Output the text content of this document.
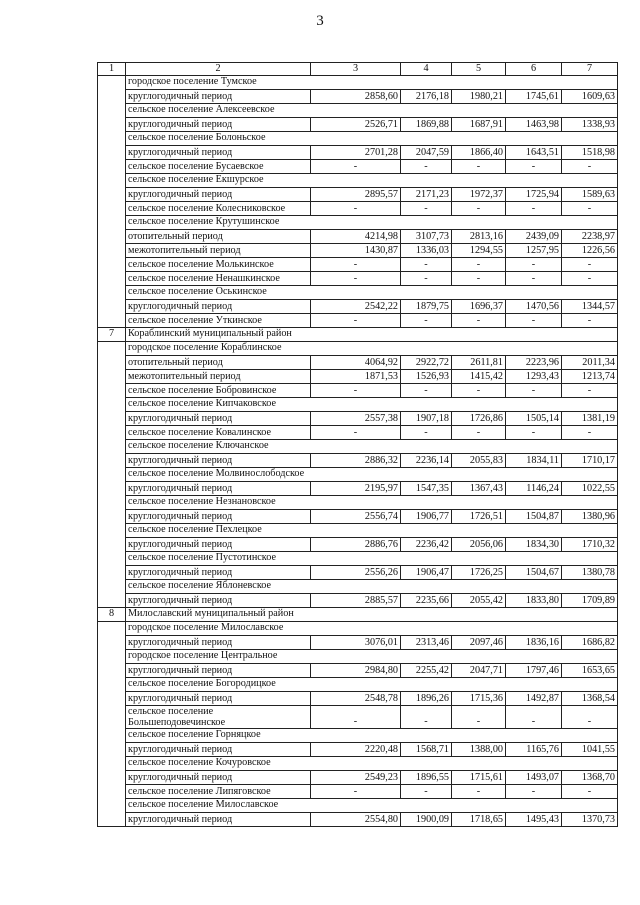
3
1	2	3	4	5	6	7
	городское поселение Тумское					
	круглогодичный период	2858,60	2176,18	1980,21	1745,61	1609,63
	сельское поселение Алексеевское					
	круглогодичный период	2526,71	1869,88	1687,91	1463,98	1338,93
	сельское поселение Болоньское					
	круглогодичный период	2701,28	2047,59	1866,40	1643,51	1518,98
	сельское поселение Бусаевское	-	-	-	-	-
	сельское поселение Екшурское					
	круглогодичный период	2895,57	2171,23	1972,37	1725,94	1589,63
	сельское поселение Колесниковское	-	-	-	-	-
	сельское поселение Крутушинское					
	отопительный период	4214,98	3107,73	2813,16	2439,09	2238,97
	межотопительный период	1430,87	1336,03	1294,55	1257,95	1226,56
	сельское поселение Молькинское	-	-	-	-	-
	сельское поселение Ненашкинское	-	-	-	-	-
	сельское поселение Оськинское					
	круглогодичный период	2542,22	1879,75	1696,37	1470,56	1344,57
	сельское поселение Уткинское	-	-	-	-	-
7	Кораблинский муниципальный район					
	городское поселение Кораблинское					
	отопительный период	4064,92	2922,72	2611,81	2223,96	2011,34
	межотопительный период	1871,53	1526,93	1415,42	1293,43	1213,74
	сельское поселение Бобровинское	-	-	-	-	-
	сельское поселение Кипчаковское					
	круглогодичный период	2557,38	1907,18	1726,86	1505,14	1381,19
	сельское поселение Ковалинское	-	-	-	-	-
	сельское поселение Ключанское					
	круглогодичный период	2886,32	2236,14	2055,83	1834,11	1710,17
	сельское поселение Молвинослободское					
	круглогодичный период	2195,97	1547,35	1367,43	1146,24	1022,55
	сельское поселение Незнановское					
	круглогодичный период	2556,74	1906,77	1726,51	1504,87	1380,96
	сельское поселение Пехлецкое					
	круглогодичный период	2886,76	2236,42	2056,06	1834,30	1710,32
	сельское поселение Пустотинское					
	круглогодичный период	2556,26	1906,47	1726,25	1504,67	1380,78
	сельское поселение Яблоневское					
	круглогодичный период	2885,57	2235,66	2055,42	1833,80	1709,89
8	Милославский муниципальный район					
	городское поселение Милославское					
	круглогодичный период	3076,01	2313,46	2097,46	1836,16	1686,82
	городское поселение Центральное					
	круглогодичный период	2984,80	2255,42	2047,71	1797,46	1653,65
	сельское поселение Богородицкое					
	круглогодичный период	2548,78	1896,26	1715,36	1492,87	1368,54
	сельское поселение Большеподовечинское	-	-	-	-	-
	сельское поселение Горняцкое					
	круглогодичный период	2220,48	1568,71	1388,00	1165,76	1041,55
	сельское поселение Кочуровское					
	круглогодичный период	2549,23	1896,55	1715,61	1493,07	1368,70
	сельское поселение Липяговское	-	-	-	-	-
	сельское поселение Милославское					
	круглогодичный период	2554,80	1900,09	1718,65	1495,43	1370,73
